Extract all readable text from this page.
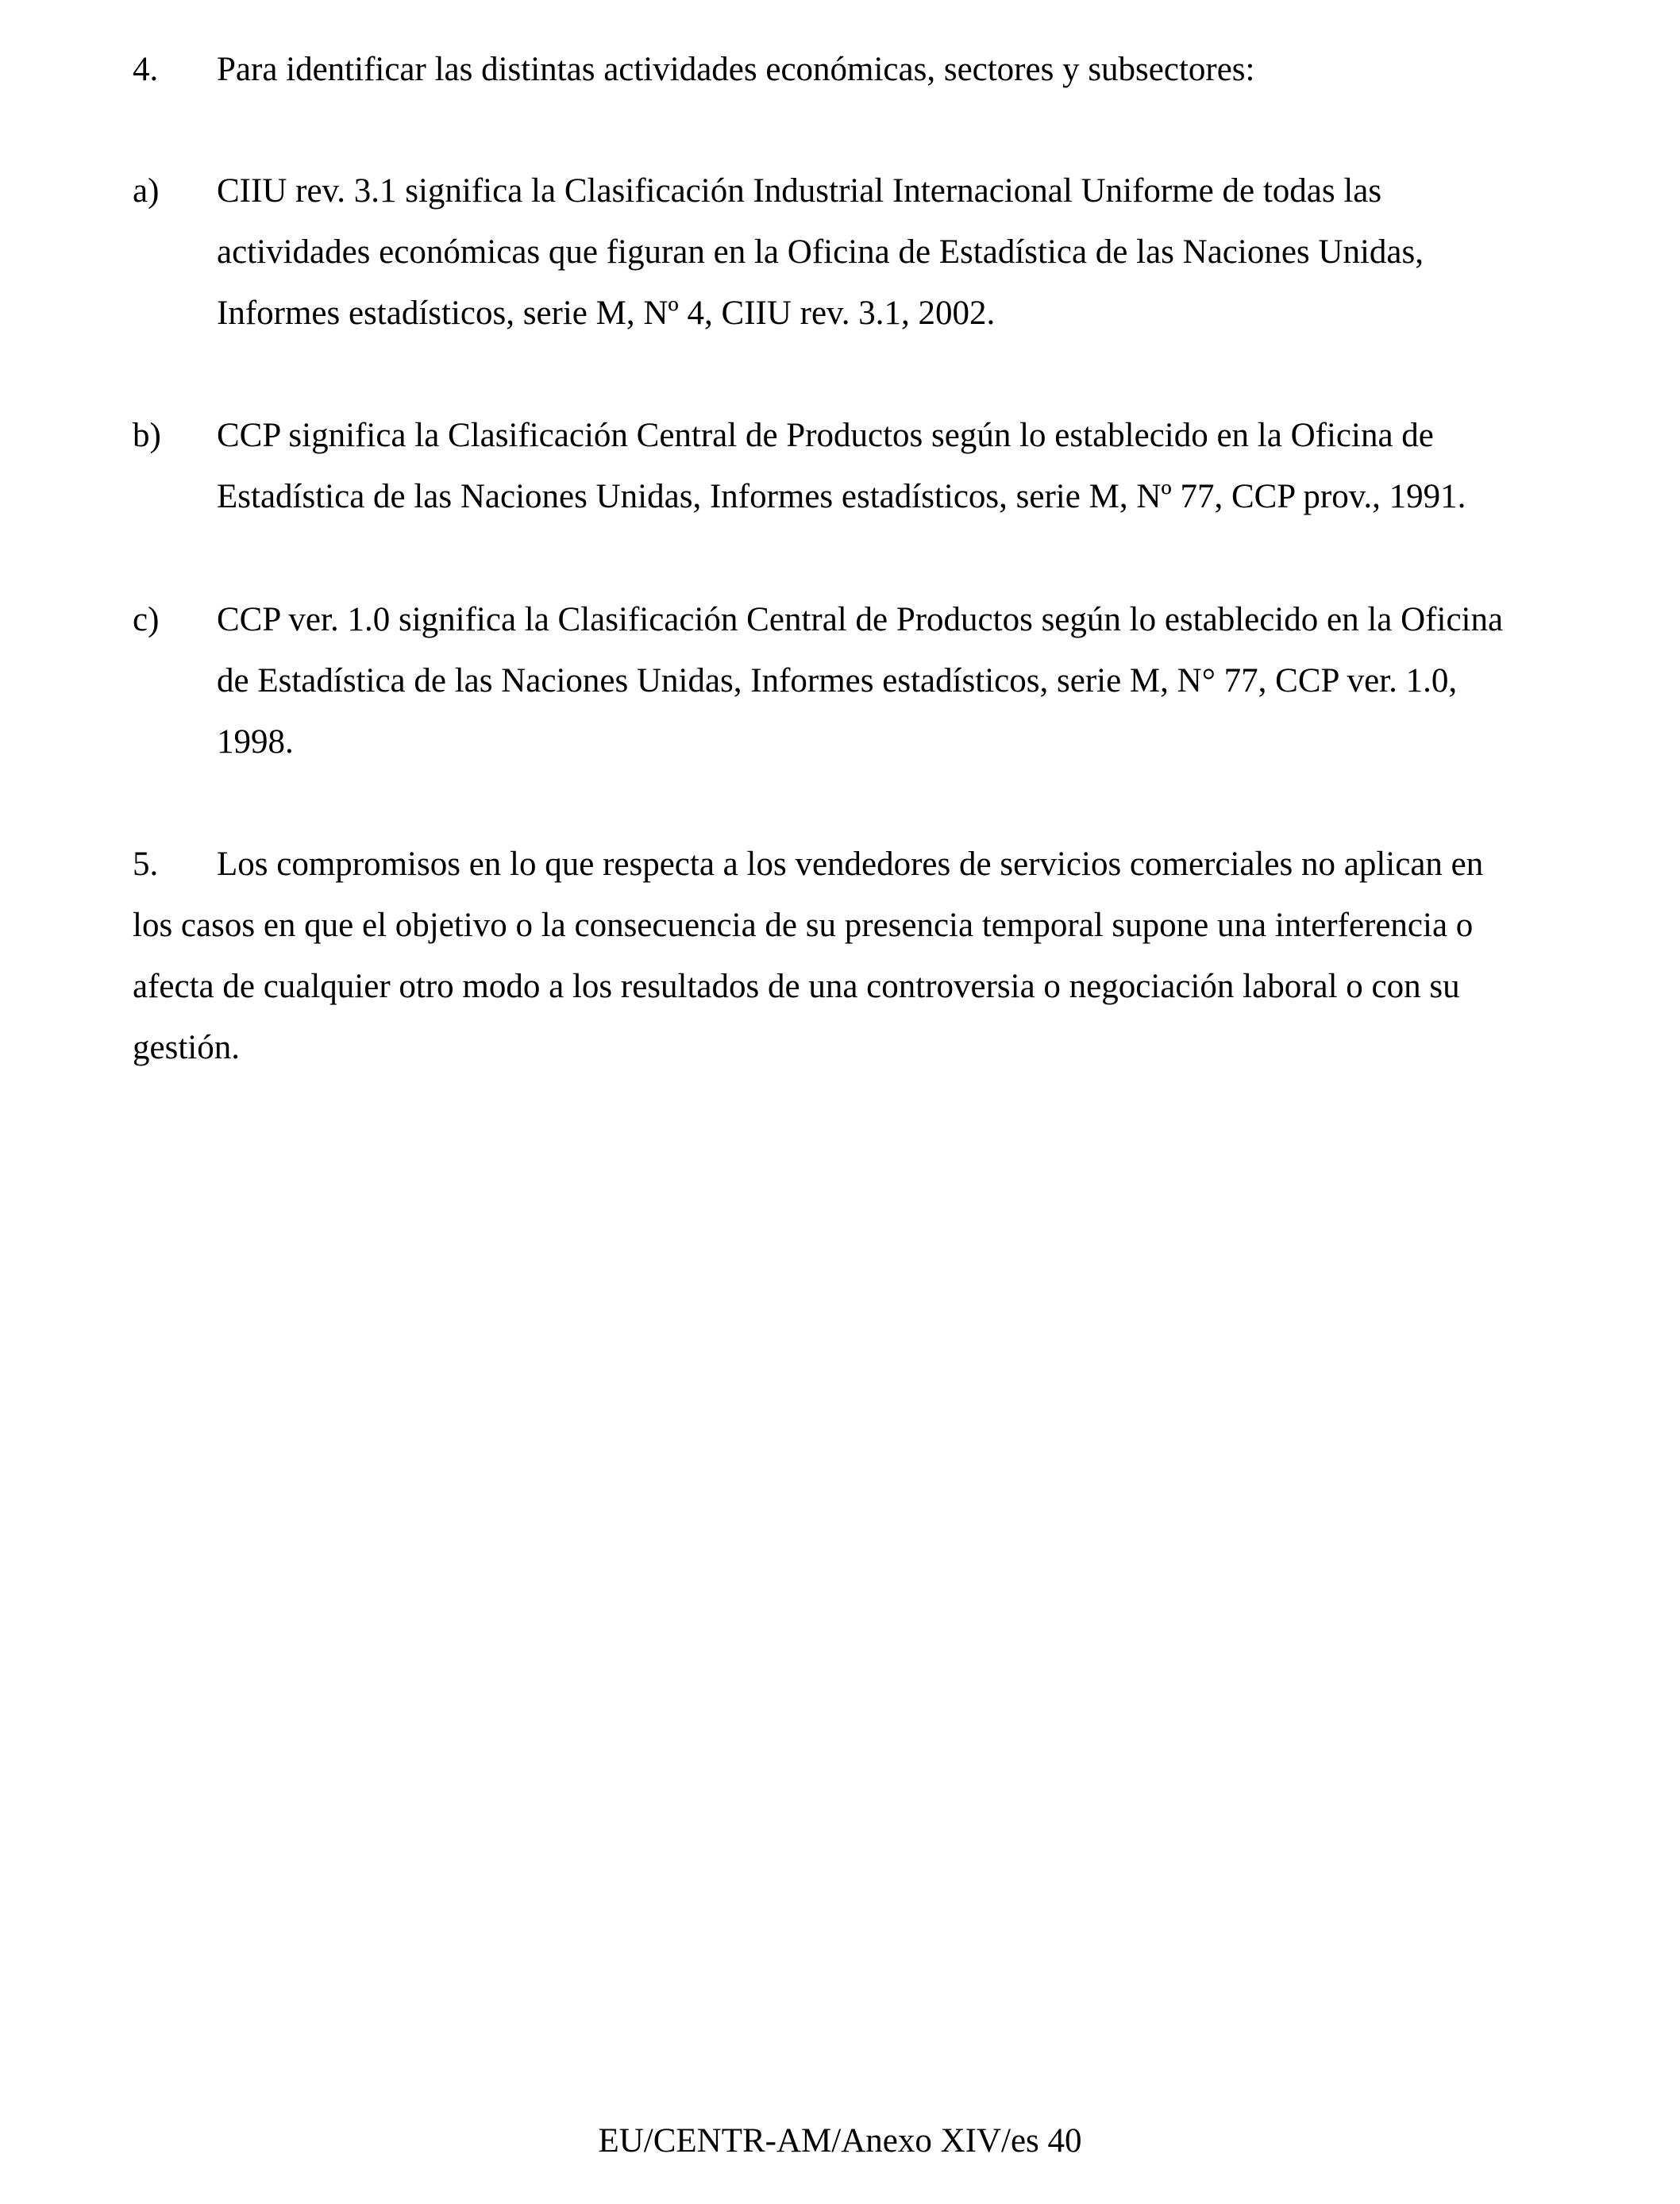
4. Para identificar las distintas actividades económicas, sectores y subsectores:
a) CIIU rev. 3.1 significa la Clasificación Industrial Internacional Uniforme de todas las
actividades económicas que figuran en la Oficina de Estadística de las Naciones Unidas,
Informes estadísticos, serie M, Nº 4, CIIU rev. 3.1, 2002.
b) CCP significa la Clasificación Central de Productos según lo establecido en la Oficina de
Estadística de las Naciones Unidas, Informes estadísticos, serie M, Nº 77, CCP prov., 1991.
c) CCP ver. 1.0 significa la Clasificación Central de Productos según lo establecido en la Oficina
de Estadística de las Naciones Unidas, Informes estadísticos, serie M, N° 77, CCP ver. 1.0,
1998.
5. Los compromisos en lo que respecta a los vendedores de servicios comerciales no aplican en
los casos en que el objetivo o la consecuencia de su presencia temporal supone una interferencia o
afecta de cualquier otro modo a los resultados de una controversia o negociación laboral o con su
gestión.
EU/CENTR-AM/Anexo XIV/es 40
